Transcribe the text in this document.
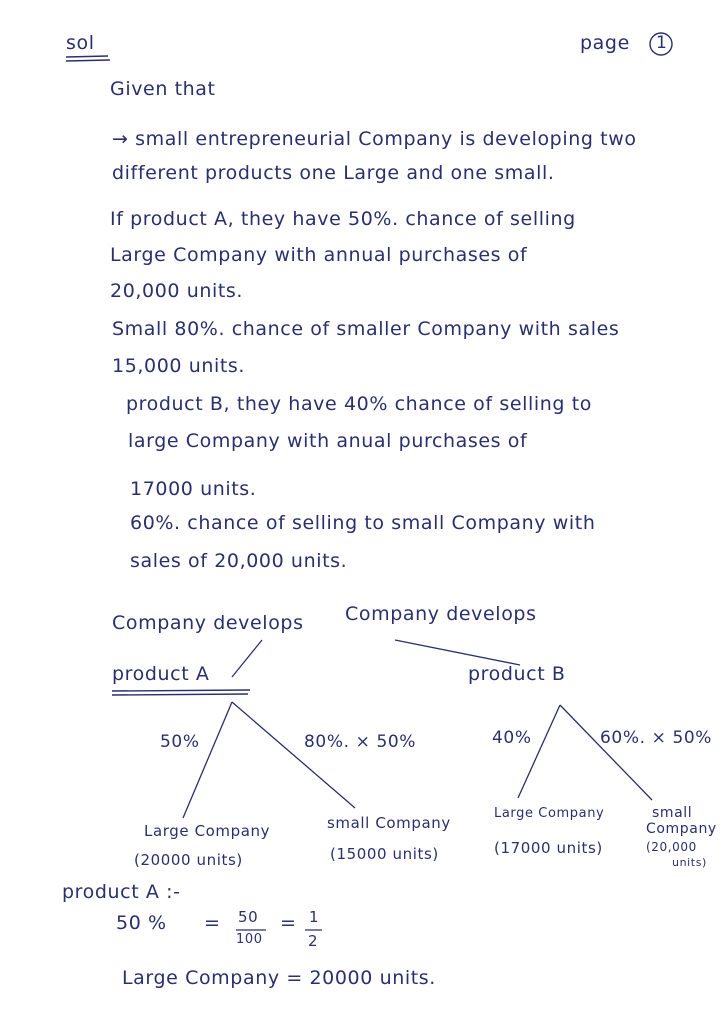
sol	page 1
Given that
→ small entrepreneurial Company is developing two
different products one Large and one small.
If product A, they have 50%. chance of selling
Large Company with annual purchases of
20,000 units.
Small 80%. chance of smaller Company with sales
15,000 units.
product B, they have 40% chance of selling to
large Company with anual purchases of
17000 units.
60%. chance of selling to small Company with
sales of 20,000 units.
Company develops Company develops
product A	product B
50%	80%. × 50%	40%	60%. × 50%
Large Company
(20000 units)
small Company
(15000 units)
Large Company
(17000 units)
small
Company
(20,000
units)
product A :-
50 % = 50
100
= 1
2
Large Company = 20000 units.
